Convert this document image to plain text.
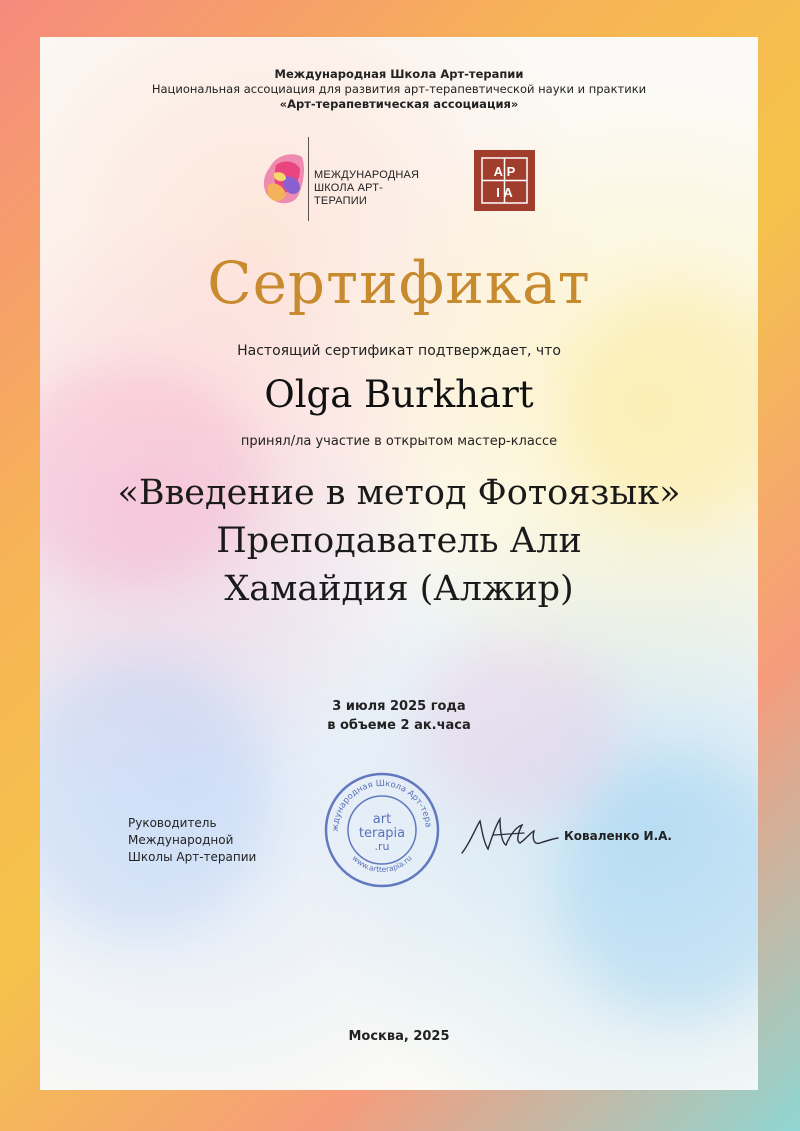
Международная Школа Арт-терапии
Национальная ассоциация для развития арт-терапевтической науки и практики
«Арт-терапевтическая ассоциация»
МЕЖДУНАРОДНАЯ
ШКОЛА АРТ-ТЕРАПИИ
А Р
І А
Сертификат
Настоящий сертификат подтверждает, что
Olga Burkhart
принял/ла участие в открытом мастер-классе
«Введение в метод Фотоязык»
Преподаватель Али
Хамайдия (Алжир)
3 июля 2025 года
в объеме 2 ак.часа
Руководитель
Международной
Школы Арт-терапии
ждународная Школа Арт-тера
www.artterapia.ru
art
terapia
.ru
Коваленко И.А.
Москва, 2025
